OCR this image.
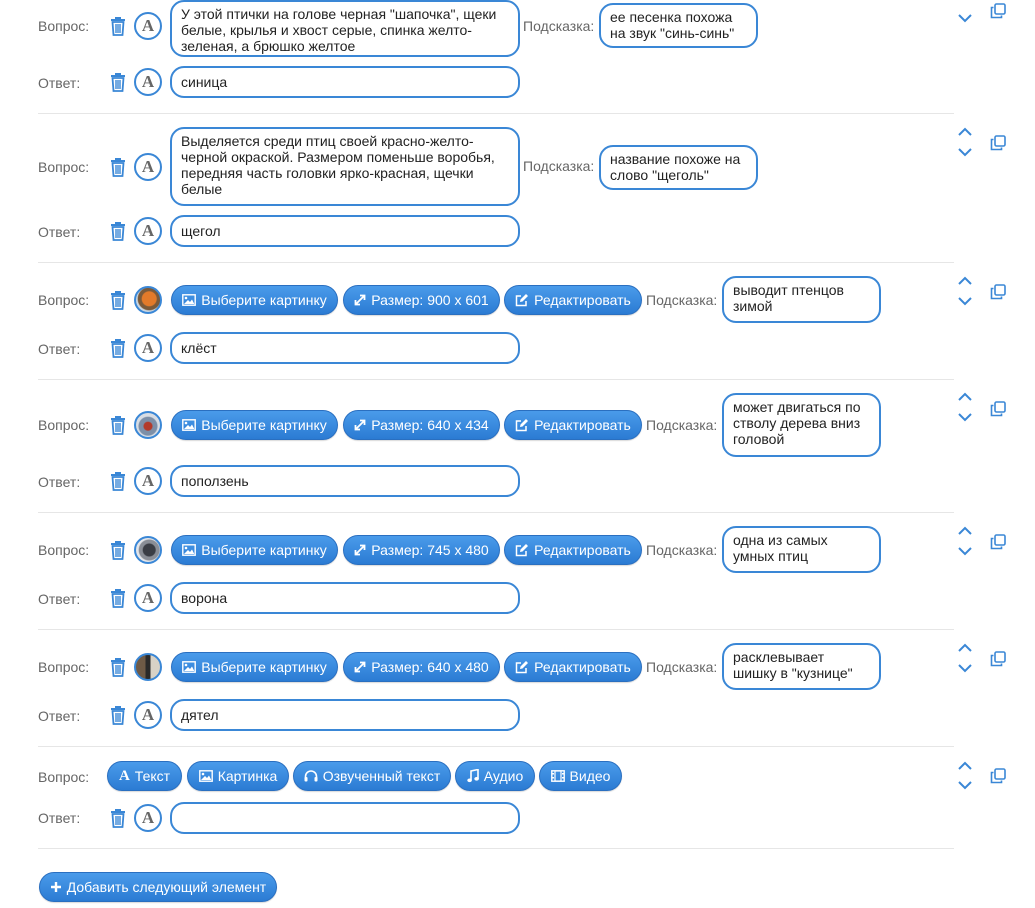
Вопрос:	A
У этой птички на голове черная "шапочка", щеки белые, крылья и хвост серые, спинка желто-зеленая, а брюшко желтое
Подсказка:
ее песенка похожа на звук "синь-синь"
Ответ:	A	синица
Вопрос:	A
Выделяется среди птиц своей красно-желто-черной окраской. Размером поменьше воробья, передняя часть головки ярко-красная, щечки белые
Подсказка: название похоже на слово "щеголь"
Ответ:	A	щегол
Вопрос:	Выберите картинку	Размер: 900 x 601	Редактировать Подсказка:
выводит птенцов зимой
Ответ:	A	клёст
Вопрос:	Выберите картинку	Размер: 640 x 434	Редактировать Подсказка:
может двигаться по стволу дерева вниз головой
Ответ:	A	поползень
Вопрос:	Выберите картинку	Размер: 745 x 480	Редактировать Подсказка:
одна из самых умных птиц
Ответ:	A	ворона
Вопрос:	Выберите картинку	Размер: 640 x 480	Редактировать Подсказка:
расклевывает шишку в "кузнице"
Ответ:	A	дятел
Вопрос: A Текст	Картинка	Озвученный текст	Аудио	Видео
Ответ:	A
Добавить следующий элемент
